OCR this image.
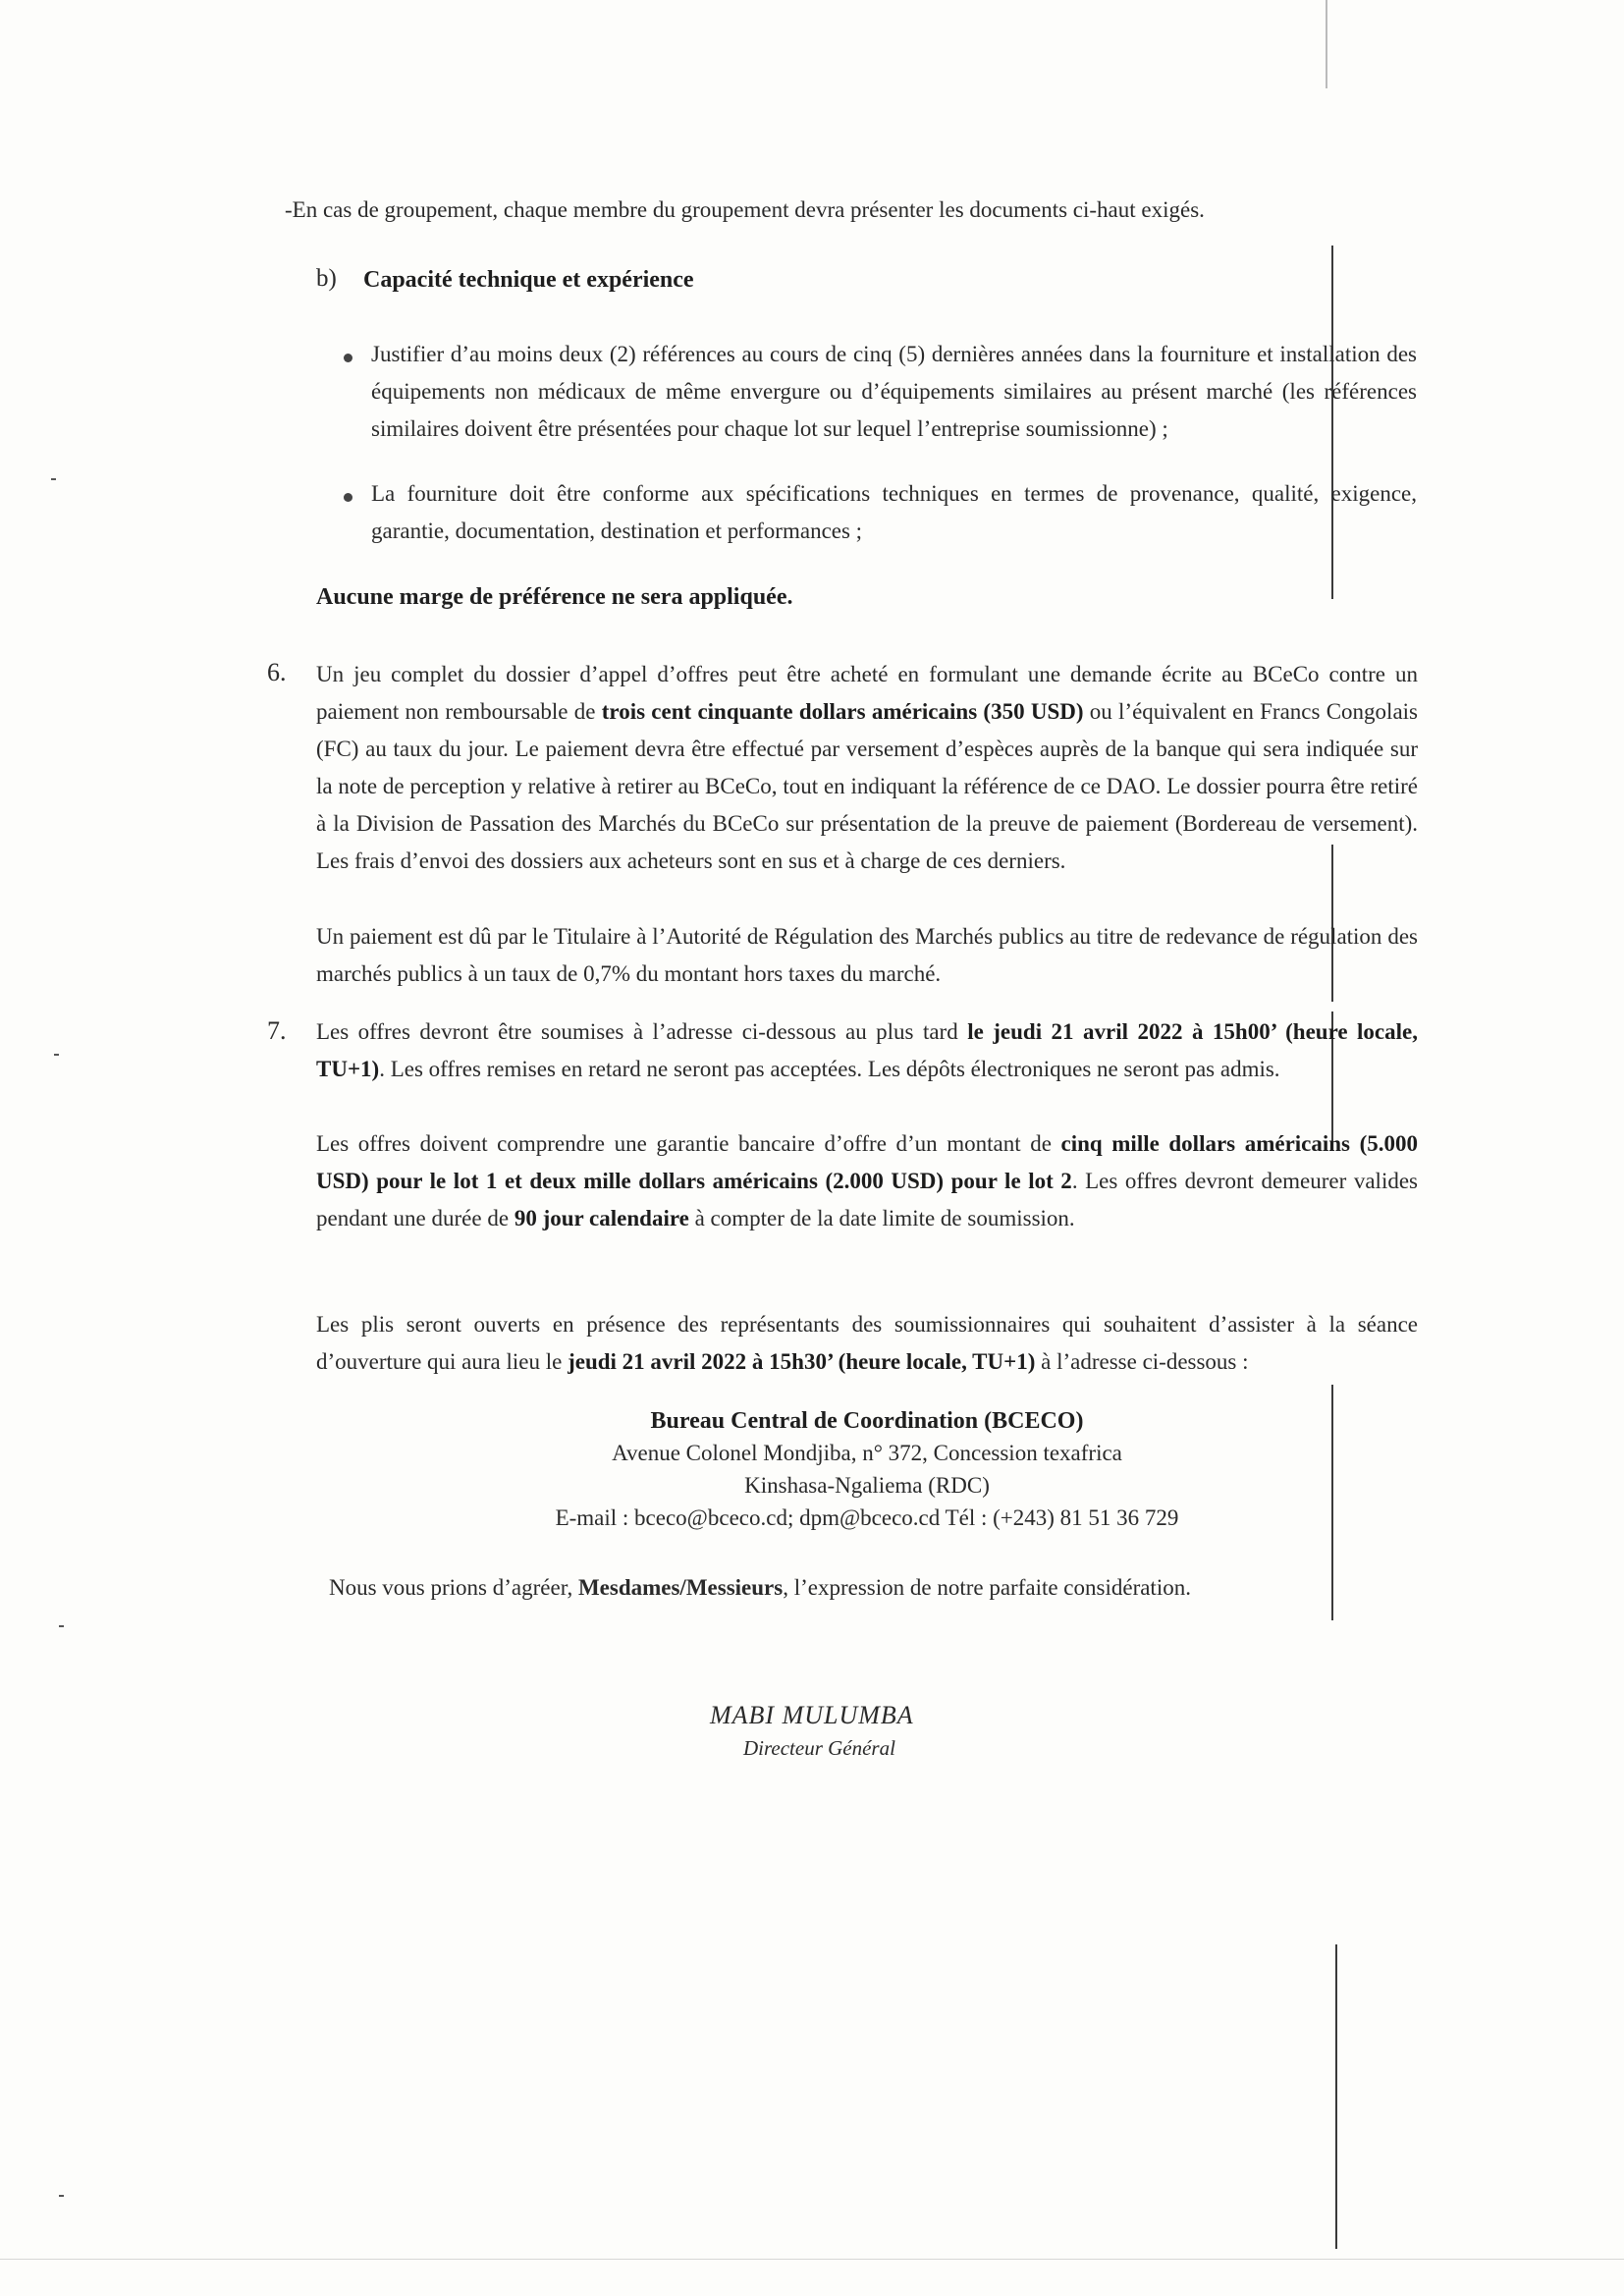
-En cas de groupement, chaque membre du groupement devra présenter les documents ci-haut exigés.
b) Capacité technique et expérience
Justifier d’au moins deux (2) références au cours de cinq (5) dernières années dans la fourniture et installation des équipements non médicaux de même envergure ou d’équipements similaires au présent marché (les références similaires doivent être présentées pour chaque lot sur lequel l’entreprise soumissionne) ;
La fourniture doit être conforme aux spécifications techniques en termes de provenance, qualité, exigence, garantie, documentation, destination et performances ;
Aucune marge de préférence ne sera appliquée.
6. Un jeu complet du dossier d’appel d’offres peut être acheté en formulant une demande écrite au BCeCo contre un paiement non remboursable de trois cent cinquante dollars américains (350 USD) ou l’équivalent en Francs Congolais (FC) au taux du jour. Le paiement devra être effectué par versement d’espèces auprès de la banque qui sera indiquée sur la note de perception y relative à retirer au BCeCo, tout en indiquant la référence de ce DAO. Le dossier pourra être retiré à la Division de Passation des Marchés du BCeCo sur présentation de la preuve de paiement (Bordereau de versement). Les frais d’envoi des dossiers aux acheteurs sont en sus et à charge de ces derniers.
Un paiement est dû par le Titulaire à l’Autorité de Régulation des Marchés publics au titre de redevance de régulation des marchés publics à un taux de 0,7% du montant hors taxes du marché.
7. Les offres devront être soumises à l’adresse ci-dessous au plus tard le jeudi 21 avril 2022 à 15h00’ (heure locale, TU+1). Les offres remises en retard ne seront pas acceptées. Les dépôts électroniques ne seront pas admis.
Les offres doivent comprendre une garantie bancaire d’offre d’un montant de cinq mille dollars américains (5.000 USD) pour le lot 1 et deux mille dollars américains (2.000 USD) pour le lot 2. Les offres devront demeurer valides pendant une durée de 90 jour calendaire à compter de la date limite de soumission.
Les plis seront ouverts en présence des représentants des soumissionnaires qui souhaitent d’assister à la séance d’ouverture qui aura lieu le jeudi 21 avril 2022 à 15h30’ (heure locale, TU+1) à l’adresse ci-dessous :
Bureau Central de Coordination (BCECO)
Avenue Colonel Mondjiba, n° 372, Concession texafrica
Kinshasa-Ngaliema (RDC)
E-mail : bceco@bceco.cd; dpm@bceco.cd Tél : (+243) 81 51 36 729
Nous vous prions d’agréer, Mesdames/Messieurs, l’expression de notre parfaite considération.
MABI MULUMBA
Directeur Général
